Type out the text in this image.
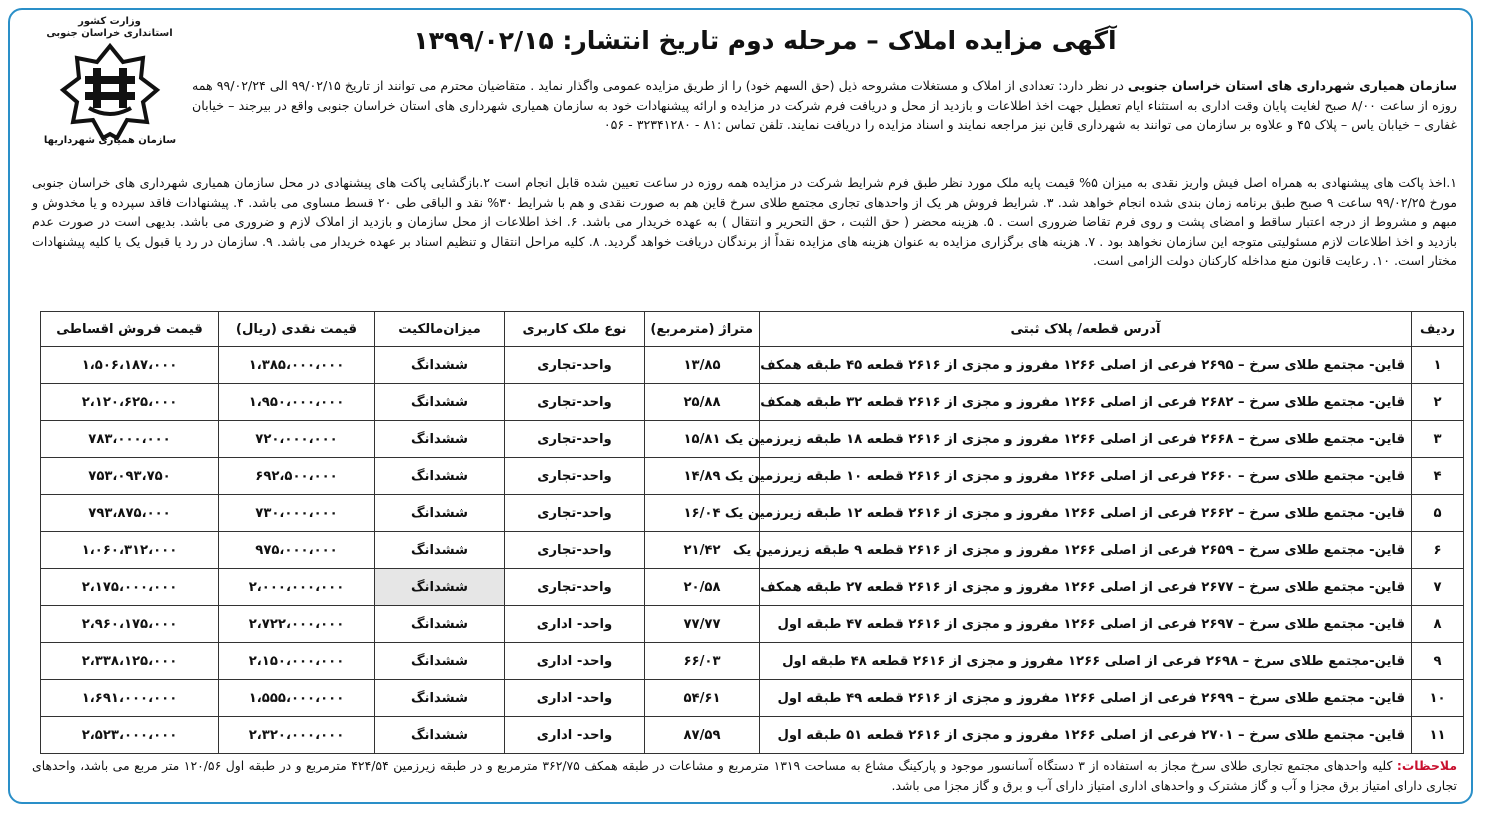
وزارت کشور
استانداری خراسان جنوبی
سازمان همیاری شهرداریها
آگهی مزایده املاک – مرحله دوم تاریخ انتشار: ۱۳۹۹/۰۲/۱۵
سازمان همیاری شهرداری های استان خراسان جنوبی در نظر دارد: تعدادی از املاک و مستغلات مشروحه ذیل (حق السهم خود) را از طریق مزایده عمومی واگذار نماید . متقاضیان محترم می توانند از تاریخ ۹۹/۰۲/۱۵ الی ۹۹/۰۲/۲۴ همه روزه از ساعت ۸/۰۰ صبح لغایت پایان وقت اداری به استثناء ایام تعطیل جهت اخذ اطلاعات و بازدید از محل و دریافت فرم شرکت در مزایده و ارائه پیشنهادات خود به سازمان همیاری شهرداری های استان خراسان جنوبی واقع در بیرجند – خیابان غفاری – خیابان یاس – پلاک ۴۵ و علاوه بر سازمان می توانند به شهرداری قاین نیز مراجعه نمایند و اسناد مزایده را دریافت نمایند. تلفن تماس :۸۱ - ۳۲۳۴۱۲۸۰ - ۰۵۶
۱.اخذ پاکت های پیشنهادی به همراه اصل فیش واریز نقدی به میزان ۵% قیمت پایه ملک مورد نظر طبق فرم شرایط شرکت در مزایده همه روزه در ساعت تعیین شده قابل انجام است ۲.بازگشایی پاکت های پیشنهادی در محل سازمان همیاری شهرداری های خراسان جنوبی مورخ ۹۹/۰۲/۲۵ ساعت ۹ صبح طبق برنامه زمان بندی شده انجام خواهد شد. ۳. شرایط فروش هر یک از واحدهای تجاری مجتمع طلای سرخ قاین هم به صورت نقدی و هم با شرایط ۳۰% نقد و الباقی طی ۲۰ قسط مساوی می باشد. ۴. پیشنهادات فاقد سپرده و یا مخدوش و مبهم و مشروط از درجه اعتبار ساقط و امضای پشت و روی فرم تقاضا ضروری است . ۵. هزینه محضر ( حق الثبت ، حق التحریر و انتقال ) به عهده خریدار می باشد. ۶. اخذ اطلاعات از محل سازمان و بازدید از املاک لازم و ضروری می باشد. بدیهی است در صورت عدم بازدید و اخذ اطلاعات لازم مسئولیتی متوجه این سازمان نخواهد بود . ۷. هزینه های برگزاری مزایده به عنوان هزینه های مزایده نقداً از برندگان دریافت خواهد گردید. ۸. کلیه مراحل انتقال و تنظیم اسناد بر عهده خریدار می باشد. ۹. سازمان در رد یا قبول یک یا کلیه پیشنهادات مختار است. ۱۰. رعایت قانون منع مداخله کارکنان دولت الزامی است.
ردیف	آدرس قطعه/ پلاک ثبتی	متراژ (مترمربع)	نوع ملک کاربری	میزان‌مالکیت	قیمت نقدی (ریال)	قیمت فروش اقساطی
۱	قاین- مجتمع طلای سرخ – ۲۶۹۵ فرعی از اصلی ۱۲۶۶ مفروز و مجزی از ۲۶۱۶ قطعه ۴۵ طبقه همکف	۱۳/۸۵	واحد-تجاری	ششدانگ	۱،۳۸۵،۰۰۰،۰۰۰	۱،۵۰۶،۱۸۷،۰۰۰
۲	قاین- مجتمع طلای سرخ – ۲۶۸۲ فرعی از اصلی ۱۲۶۶ مفروز و مجزی از ۲۶۱۶ قطعه ۳۲ طبقه همکف	۲۵/۸۸	واحد-تجاری	ششدانگ	۱،۹۵۰،۰۰۰،۰۰۰	۲،۱۲۰،۶۲۵،۰۰۰
۳	قاین- مجتمع طلای سرخ – ۲۶۶۸ فرعی از اصلی ۱۲۶۶ مفروز و مجزی از ۲۶۱۶ قطعه ۱۸ طبقه زیرزمین یک	۱۵/۸۱	واحد-تجاری	ششدانگ	۷۲۰،۰۰۰،۰۰۰	۷۸۳،۰۰۰،۰۰۰
۴	قاین- مجتمع طلای سرخ – ۲۶۶۰ فرعی از اصلی ۱۲۶۶ مفروز و مجزی از ۲۶۱۶ قطعه ۱۰ طبقه زیرزمین یک	۱۴/۸۹	واحد-تجاری	ششدانگ	۶۹۲،۵۰۰،۰۰۰	۷۵۳،۰۹۳،۷۵۰
۵	قاین- مجتمع طلای سرخ – ۲۶۶۲ فرعی از اصلی ۱۲۶۶ مفروز و مجزی از ۲۶۱۶ قطعه ۱۲ طبقه زیرزمین یک	۱۶/۰۴	واحد-تجاری	ششدانگ	۷۳۰،۰۰۰،۰۰۰	۷۹۳،۸۷۵،۰۰۰
۶	قاین- مجتمع طلای سرخ – ۲۶۵۹ فرعی از اصلی ۱۲۶۶ مفروز و مجزی از ۲۶۱۶ قطعه ۹ طبقه زیرزمین یک	۲۱/۴۲	واحد-تجاری	ششدانگ	۹۷۵،۰۰۰،۰۰۰	۱،۰۶۰،۳۱۲،۰۰۰
۷	قاین- مجتمع طلای سرخ – ۲۶۷۷ فرعی از اصلی ۱۲۶۶ مفروز و مجزی از ۲۶۱۶ قطعه ۲۷ طبقه همکف	۲۰/۵۸	واحد-تجاری	ششدانگ	۲،۰۰۰،۰۰۰،۰۰۰	۲،۱۷۵،۰۰۰،۰۰۰
۸	قاین- مجتمع طلای سرخ – ۲۶۹۷ فرعی از اصلی ۱۲۶۶ مفروز و مجزی از ۲۶۱۶ قطعه ۴۷ طبقه اول	۷۷/۷۷	واحد- اداری	ششدانگ	۲،۷۲۲،۰۰۰،۰۰۰	۲،۹۶۰،۱۷۵،۰۰۰
۹	قاین-مجتمع طلای سرخ – ۲۶۹۸ فرعی از اصلی ۱۲۶۶ مفروز و مجزی از ۲۶۱۶ قطعه ۴۸ طبقه اول	۶۶/۰۳	واحد- اداری	ششدانگ	۲،۱۵۰،۰۰۰،۰۰۰	۲،۳۳۸،۱۲۵،۰۰۰
۱۰	قاین- مجتمع طلای سرخ – ۲۶۹۹ فرعی از اصلی ۱۲۶۶ مفروز و مجزی از ۲۶۱۶ قطعه ۴۹ طبقه اول	۵۴/۶۱	واحد- اداری	ششدانگ	۱،۵۵۵،۰۰۰،۰۰۰	۱،۶۹۱،۰۰۰،۰۰۰
۱۱	قاین- مجتمع طلای سرخ – ۲۷۰۱ فرعی از اصلی ۱۲۶۶ مفروز و مجزی از ۲۶۱۶ قطعه ۵۱ طبقه اول	۸۷/۵۹	واحد- اداری	ششدانگ	۲،۳۲۰،۰۰۰،۰۰۰	۲،۵۲۳،۰۰۰،۰۰۰
ملاحظات: کلیه واحدهای مجتمع تجاری طلای سرخ مجاز به استفاده از ۳ دستگاه آسانسور موجود و پارکینگ مشاع به مساحت ۱۳۱۹ مترمربع و مشاعات در طبقه همکف ۳۶۲/۷۵ مترمربع و در طبقه زیرزمین ۴۲۴/۵۴ مترمربع و در طبقه اول ۱۲۰/۵۶ متر مربع می باشد، واحدهای تجاری دارای امتیاز برق مجزا و آب و گاز مشترک و واحدهای اداری امتیاز دارای آب و برق و گاز مجزا می باشد.
